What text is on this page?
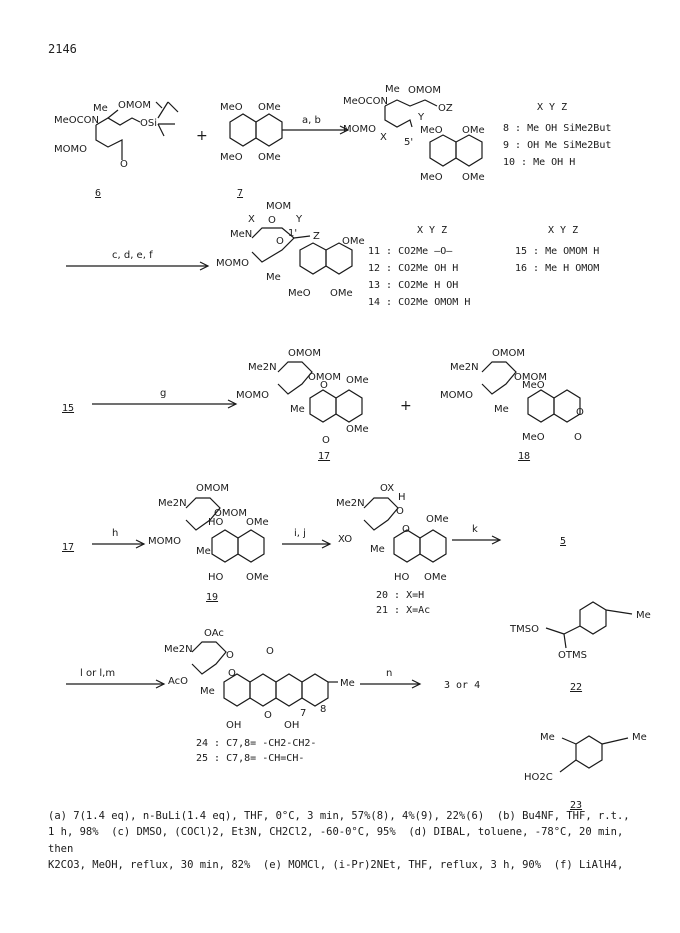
2146
MeOCON
Me OMOM
MOMO
OSi
O
6
+
MeO OMe
MeO OMe
7
a, b
MeOCON
Me OMOM
OZ
MOMO
Y
X 5'
MeO OMe
MeO OMe
X Y Z
8 : Me OH SiMe2But
9 : OH Me SiMe2But
10 : Me OH H
c, d, e, f
MOM
O
MeN
X	Y
1' Z
MOMO
Me
O	OMe
MeO OMe
X Y Z
11 : CO2Me –O–
12 : CO2Me OH H
13 : CO2Me H OH
14 : CO2Me OMOM H
X Y Z
15 : Me OMOM H
16 : Me H OMOM
15
g
OMOM
Me2N
OMOM
MOMO
Me
O OMe
O
OMe
17
+
OMOM
Me2N
OMOM
MOMO
Me
MeO
O
MeO	O
18
17
h
OMOM
Me2N
OMOM
MOMO
Me
HO OMe
HO OMe
19
i, j
OX
H
Me2N
O
O
XO
Me
OMe
HO OMe
20 : X=H
21 : X=Ac
k
5
l or l,m
OAc
Me2N
O
O
AcO
Me
O
O
OH	OH
7 8
Me
24 : C7,8= -CH2-CH2-
25 : C7,8= -CH=CH-
n
3 or 4
TMSO
OTMS
Me
22
Me	Me
HO2C
23
(a) 7(1.4 eq), n-BuLi(1.4 eq), THF, 0°C, 3 min, 57%(8), 4%(9), 22%(6)  (b) Bu4NF, THF, r.t.,
1 h, 98%  (c) DMSO, (COCl)2, Et3N, CH2Cl2, -60-0°C, 95%  (d) DIBAL, toluene, -78°C, 20 min, then
K2CO3, MeOH, reflux, 30 min, 82%  (e) MOMCl, (i-Pr)2NEt, THF, reflux, 3 h, 90%  (f) LiAlH4,
